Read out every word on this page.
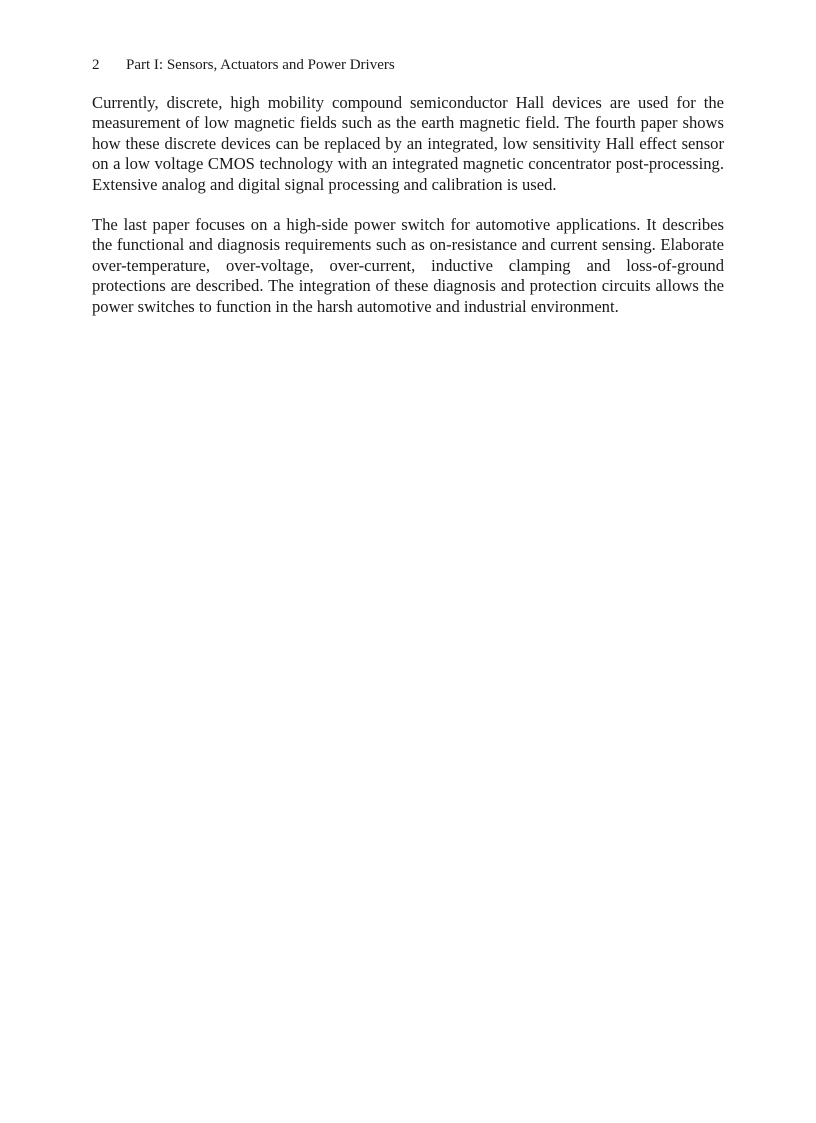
2 Part I: Sensors, Actuators and Power Drivers

Currently, discrete, high mobility compound semiconductor Hall devices are used for the measurement of low magnetic fields such as the earth magnetic field. The fourth paper shows how these discrete devices can be replaced by an integrated, low sensitivity Hall effect sensor on a low voltage CMOS technology with an integrated magnetic concentrator post-processing. Extensive analog and digital signal processing and calibration is used.

The last paper focuses on a high-side power switch for automotive applications. It describes the functional and diagnosis requirements such as on-resistance and current sensing. Elaborate over-temperature, over-voltage, over-current, inductive clamping and loss-of-ground protections are described. The integration of these diagnosis and protection circuits allows the power switches to function in the harsh automotive and industrial environment.
